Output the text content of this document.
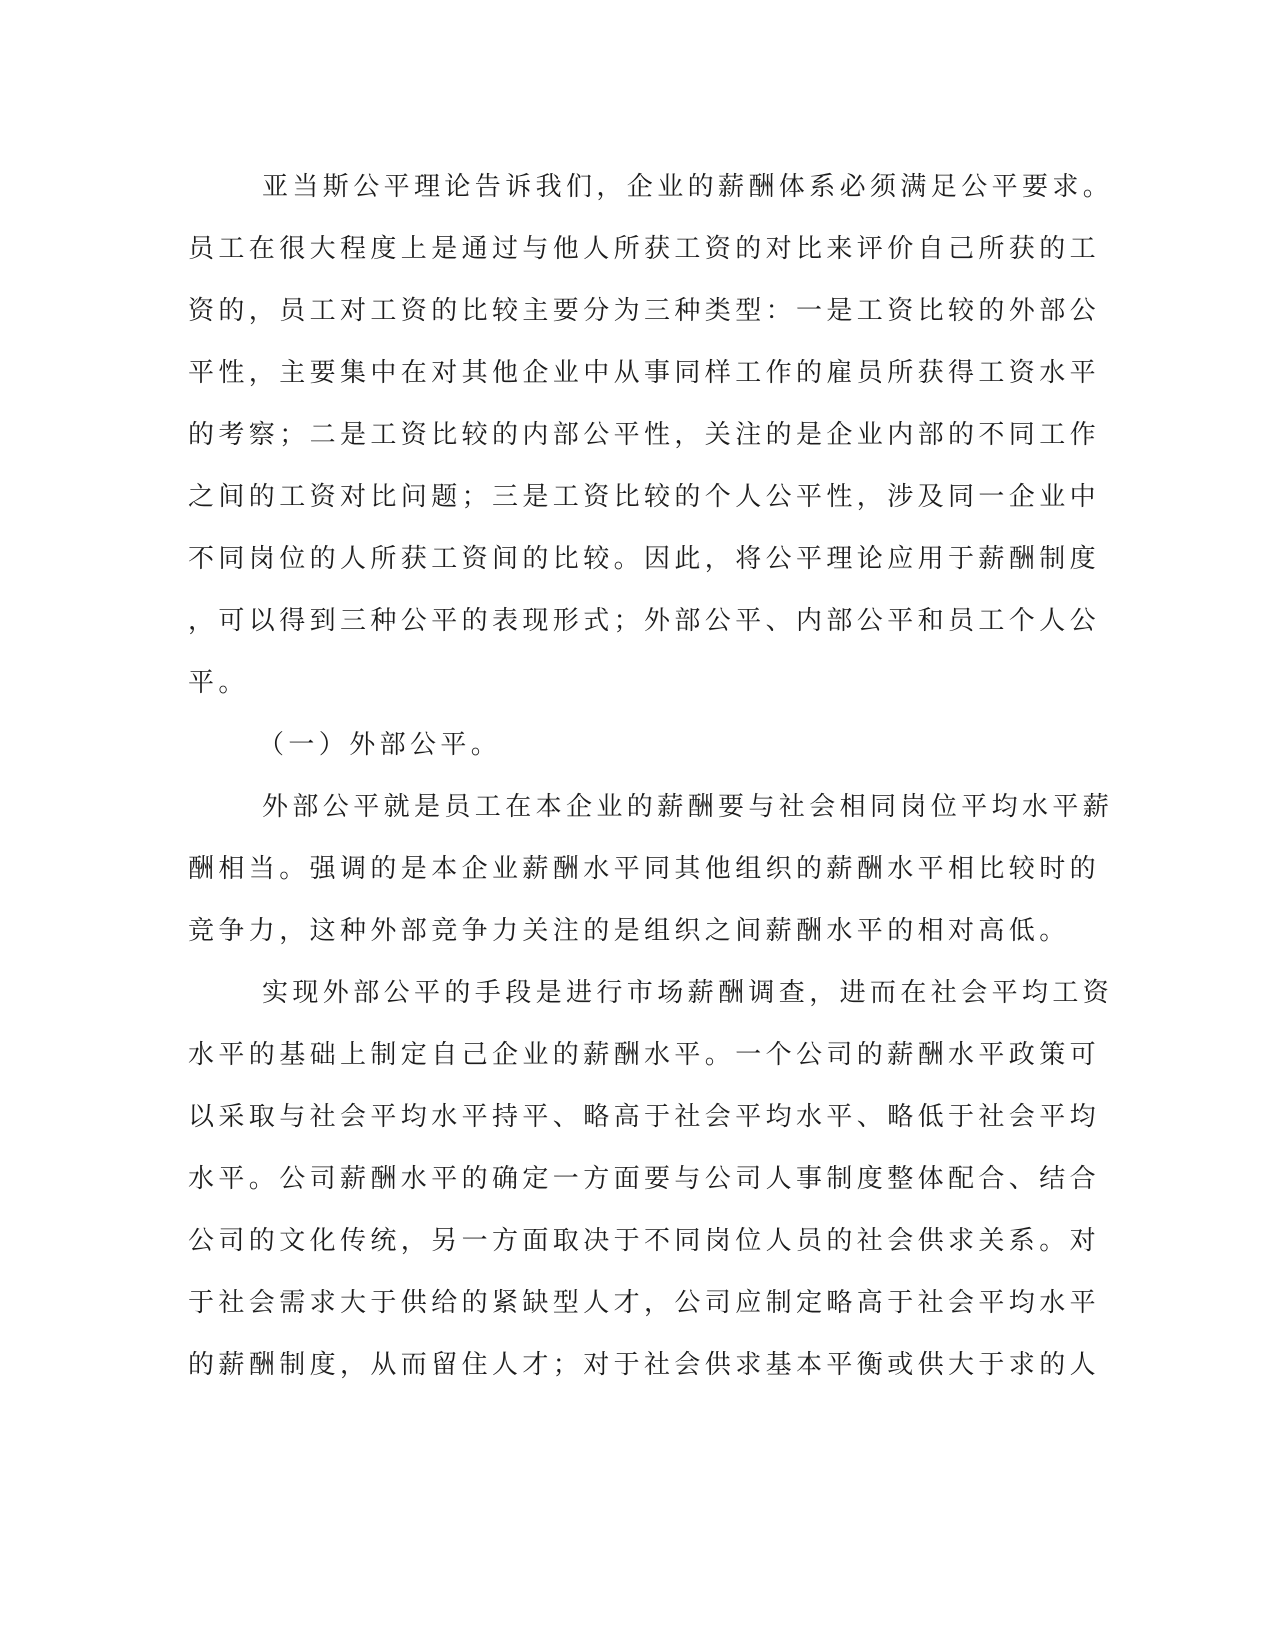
亚当斯公平理论告诉我们，企业的薪酬体系必须满足公平要求。
员工在很大程度上是通过与他人所获工资的对比来评价自己所获的工
资的，员工对工资的比较主要分为三种类型：一是工资比较的外部公
平性，主要集中在对其他企业中从事同样工作的雇员所获得工资水平
的考察；二是工资比较的内部公平性，关注的是企业内部的不同工作
之间的工资对比问题；三是工资比较的个人公平性，涉及同一企业中
不同岗位的人所获工资间的比较。因此，将公平理论应用于薪酬制度
，可以得到三种公平的表现形式；外部公平、内部公平和员工个人公
平。
（一）外部公平。
外部公平就是员工在本企业的薪酬要与社会相同岗位平均水平薪
酬相当。强调的是本企业薪酬水平同其他组织的薪酬水平相比较时的
竞争力，这种外部竞争力关注的是组织之间薪酬水平的相对高低。
实现外部公平的手段是进行市场薪酬调查，进而在社会平均工资
水平的基础上制定自己企业的薪酬水平。一个公司的薪酬水平政策可
以采取与社会平均水平持平、略高于社会平均水平、略低于社会平均
水平。公司薪酬水平的确定一方面要与公司人事制度整体配合、结合
公司的文化传统，另一方面取决于不同岗位人员的社会供求关系。对
于社会需求大于供给的紧缺型人才，公司应制定略高于社会平均水平
的薪酬制度，从而留住人才；对于社会供求基本平衡或供大于求的人
